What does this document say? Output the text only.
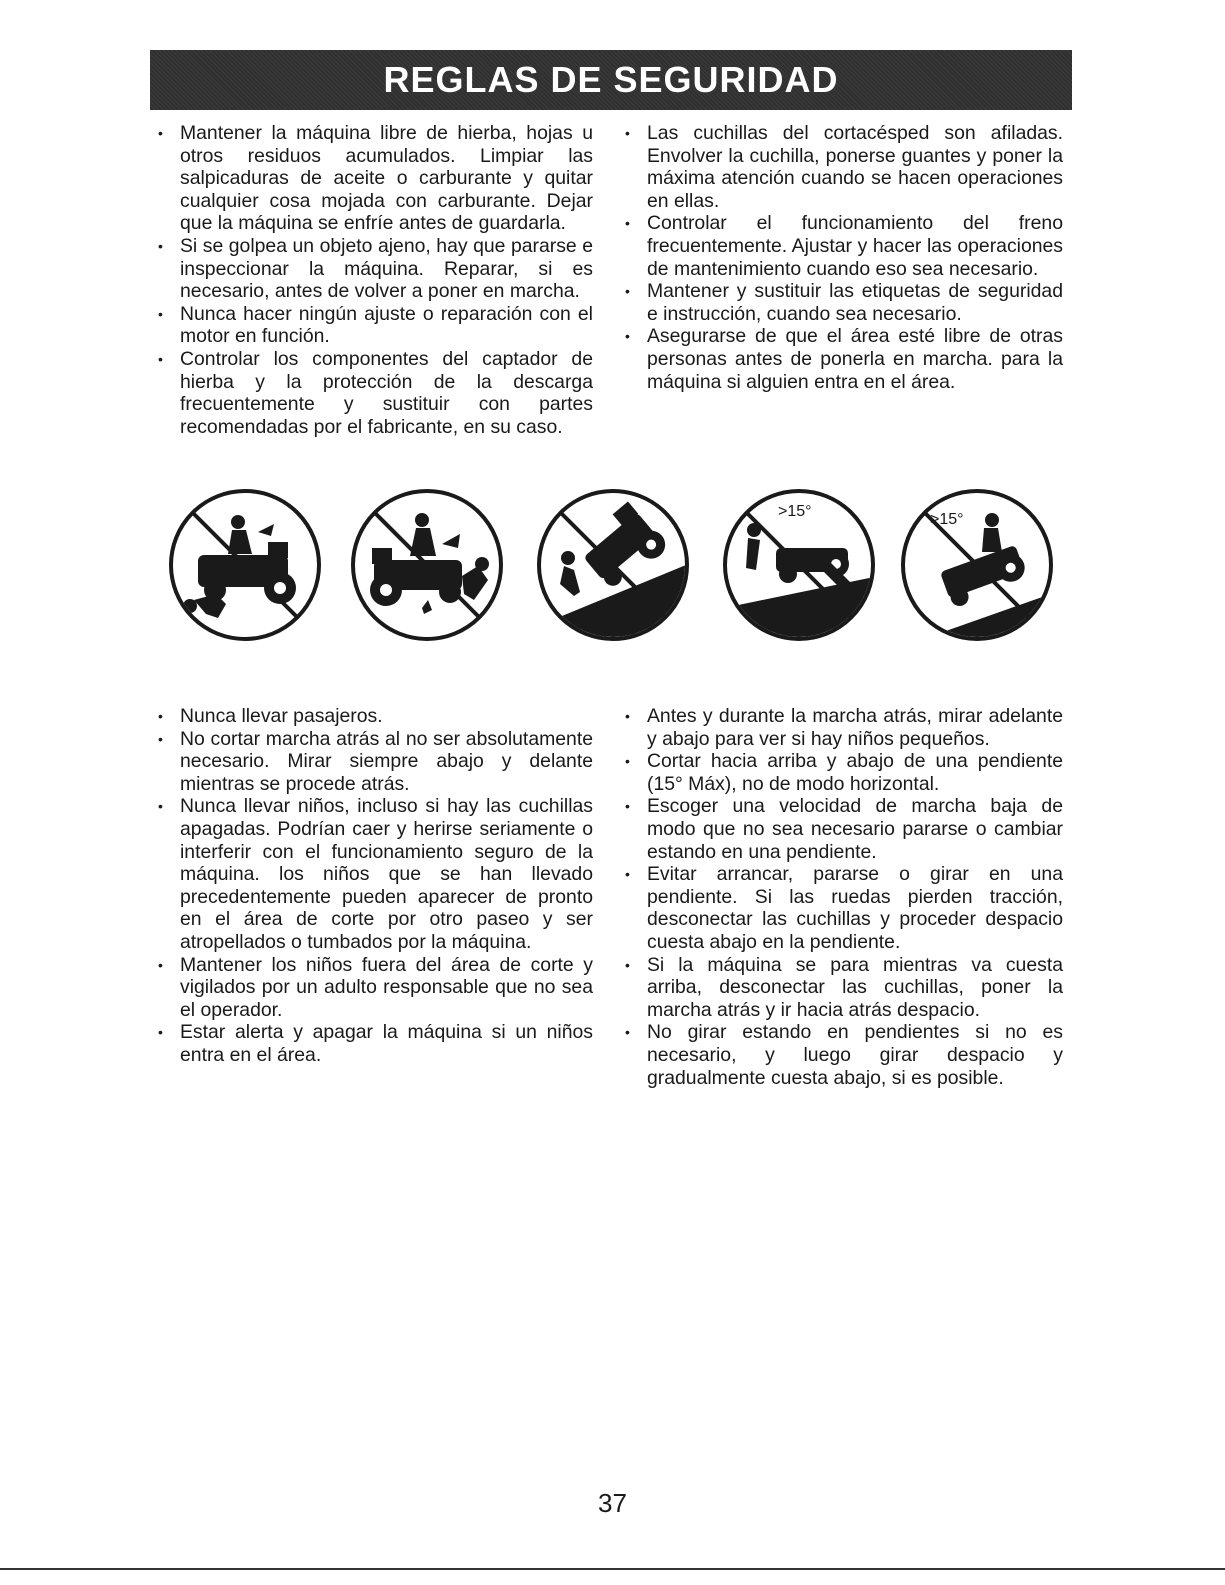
REGLAS DE SEGURIDAD
• Mantener la máquina libre de hierba, hojas u otros residuos acumulados. Limpiar las salpicaduras de aceite o carburante y quitar cualquier cosa mojada con carburante. Dejar que la máquina se enfríe antes de guardarla.
• Si se golpea un objeto ajeno, hay que pararse e inspeccionar la máquina. Reparar, si es necesario, antes de volver a poner en marcha.
• Nunca hacer ningún ajuste o reparación con el motor en función.
• Controlar los componentes del captador de hierba y la protección de la descarga frecuentemente y sustituir con partes recomendadas por el fabricante, en su caso.
• Las cuchillas del cortacésped son afiladas. Envolver la cuchilla, ponerse guantes y poner la máxima atención cuando se hacen operaciones en ellas.
• Controlar el funcionamiento del freno frecuentemente. Ajustar y hacer las operaciones de mantenimiento cuando eso sea necesario.
• Mantener y sustituir las etiquetas de seguridad e instrucción, cuando sea necesario.
• Asegurarse de que el área esté libre de otras personas antes de ponerla en marcha. para la máquina si alguien entra en el área.
>15°	>15°
• Nunca llevar pasajeros.
• No cortar marcha atrás al no ser absolutamente necesario. Mirar siempre abajo y delante mientras se procede atrás.
• Nunca llevar niños, incluso si hay las cuchillas apagadas. Podrían caer y herirse seriamente o interferir con el funcionamiento seguro de la máquina. los niños que se han llevado precedentemente pueden aparecer de pronto en el área de corte por otro paseo y ser atropellados o tumbados por la máquina.
• Mantener los niños fuera del área de corte y vigilados por un adulto responsable que no sea el operador.
• Estar alerta y apagar la máquina si un niños entra en el área.
• Antes y durante la marcha atrás, mirar adelante y abajo para ver si hay niños pequeños.
• Cortar hacia arriba y abajo de una pendiente (15° Máx), no de modo horizontal.
• Escoger una velocidad de marcha baja de modo que no sea necesario pararse o cambiar estando en una pendiente.
• Evitar arrancar, pararse o girar en una pendiente. Si las ruedas pierden tracción, desconectar las cuchillas y proceder despacio cuesta abajo en la pendiente.
• Si la máquina se para mientras va cuesta arriba, desconectar las cuchillas, poner la marcha atrás y ir hacia atrás despacio.
• No girar estando en pendientes si no es necesario, y luego girar despacio y gradualmente cuesta abajo, si es posible.
37
